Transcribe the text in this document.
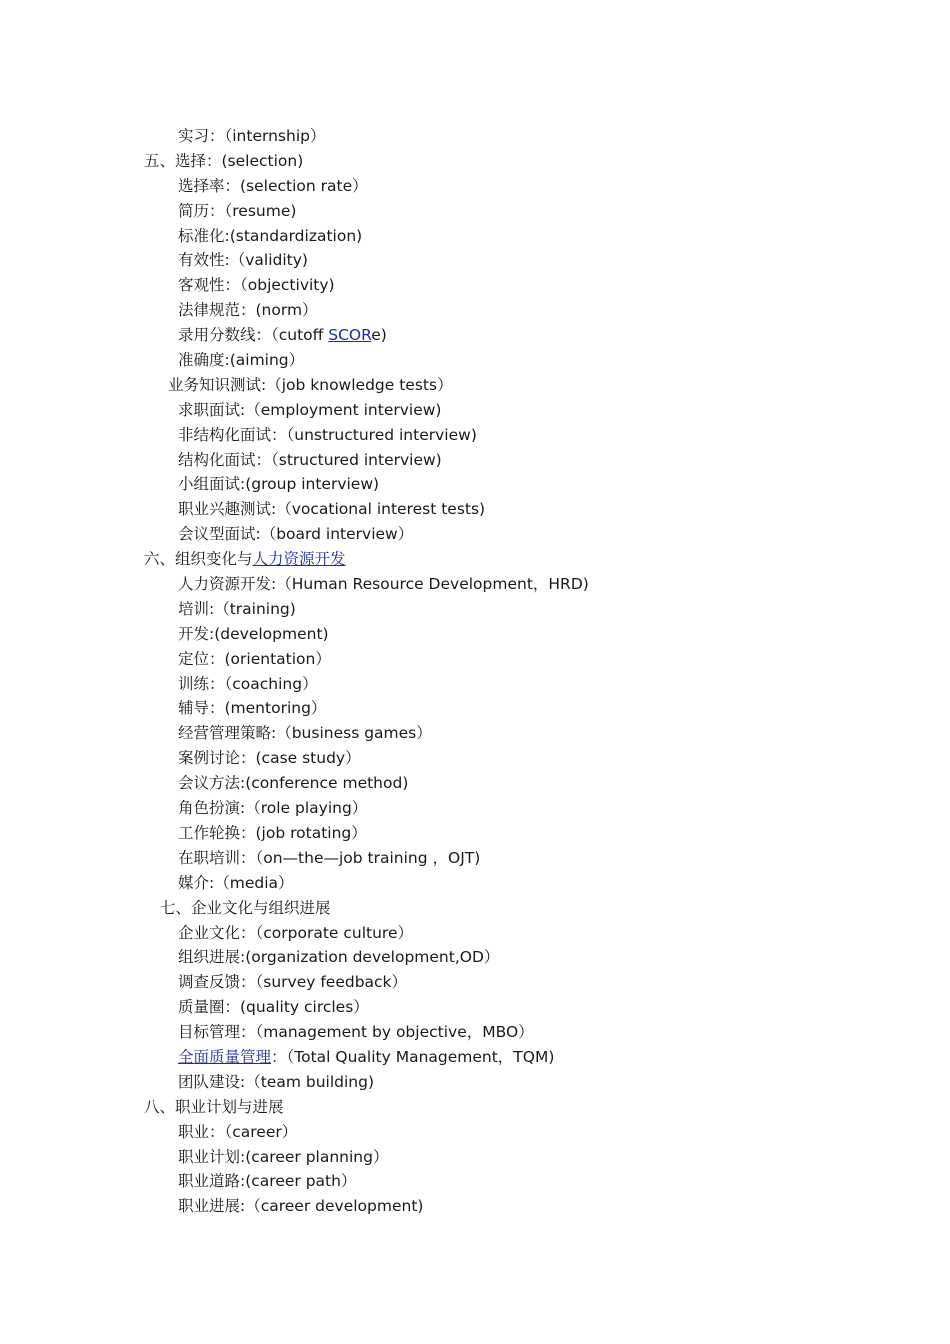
实习：（internship）
五、选择：(selection)
选择率：(selection rate）
简历：（resume)
标准化:(standardization)
有效性:（validity)
客观性：（objectivity)
法律规范：(norm）
录用分数线：（cutoff SCORe)
准确度:(aiming）
业务知识测试:（job knowledge tests）
求职面试:（employment interview)
非结构化面试：（unstructured interview)
结构化面试：（structured interview)
小组面试:(group interview)
职业兴趣测试:（vocational interest tests)
会议型面试:（board interview）
六、组织变化与人力资源开发
人力资源开发:（Human Resource Development，HRD)
培训:（training)
开发:(development)
定位：(orientation）
训练：（coaching）
辅导：(mentoring）
经营管理策略:（business games）
案例讨论：(case study）
会议方法:(conference method)
角色扮演:（role playing）
工作轮换：(job rotating）
在职培训：（on—the—job training ，OJT)
媒介:（media）
七、企业文化与组织进展
企业文化：（corporate culture）
组织进展:(organization development,OD）
调查反馈：（survey feedback）
质量圈：(quality circles）
目标管理：（management by objective，MBO）
全面质量管理：（Total Quality Management，TQM)
团队建设:（team building)
八、职业计划与进展
职业：（career）
职业计划:(career planning）
职业道路:(career path）
职业进展:（career development)
